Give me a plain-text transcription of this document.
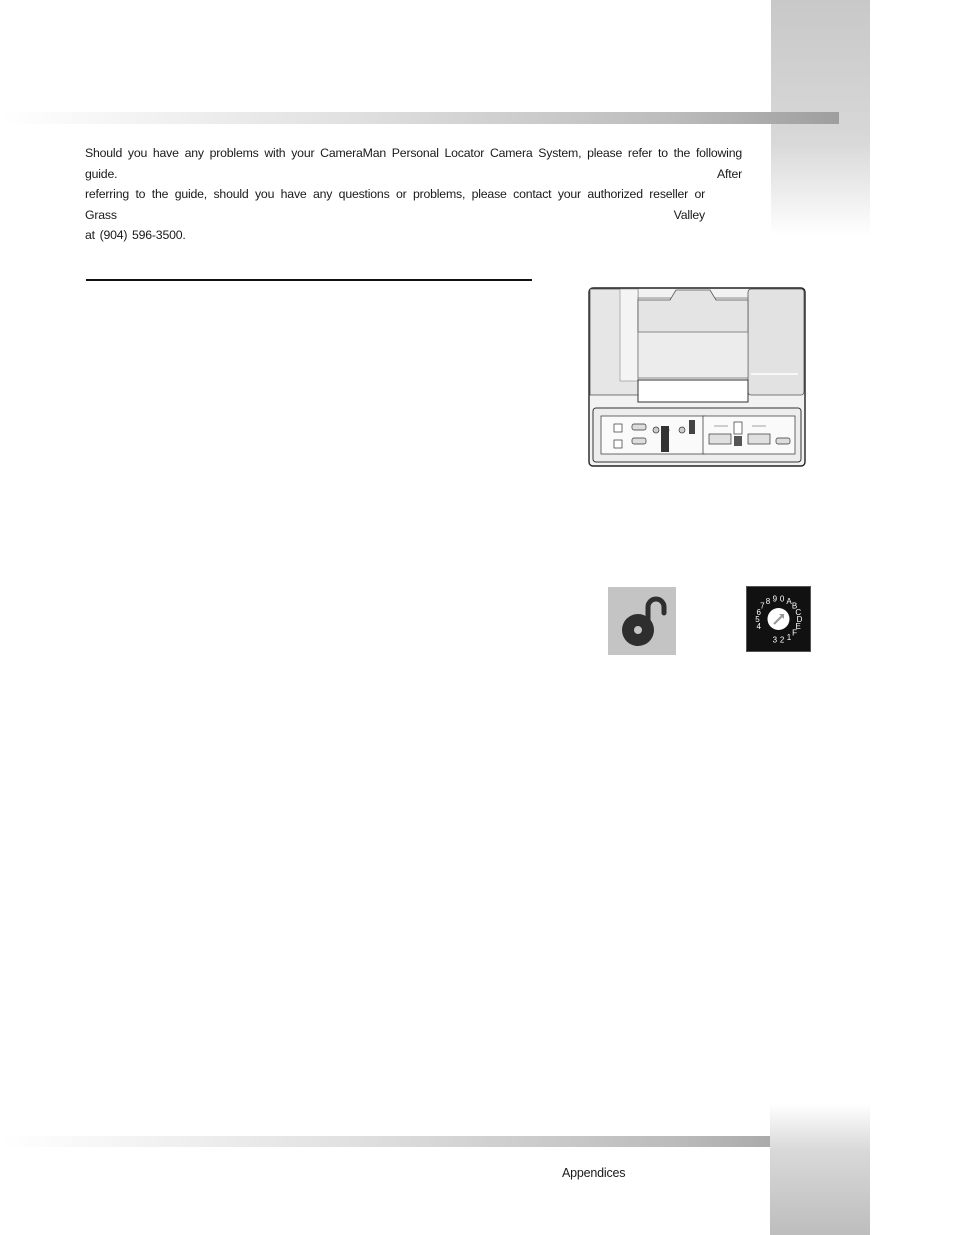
Should you have any problems with your CameraMan Personal Locator Camera System, please refer to the following guide. After
referring to the guide, should you have any questions or problems, please contact your authorized reseller or Grass Valley
at (904) 596-3500.
4
5
6
7
8 9 0 A
B
C
D
E
F
1
2
3
Appendices
